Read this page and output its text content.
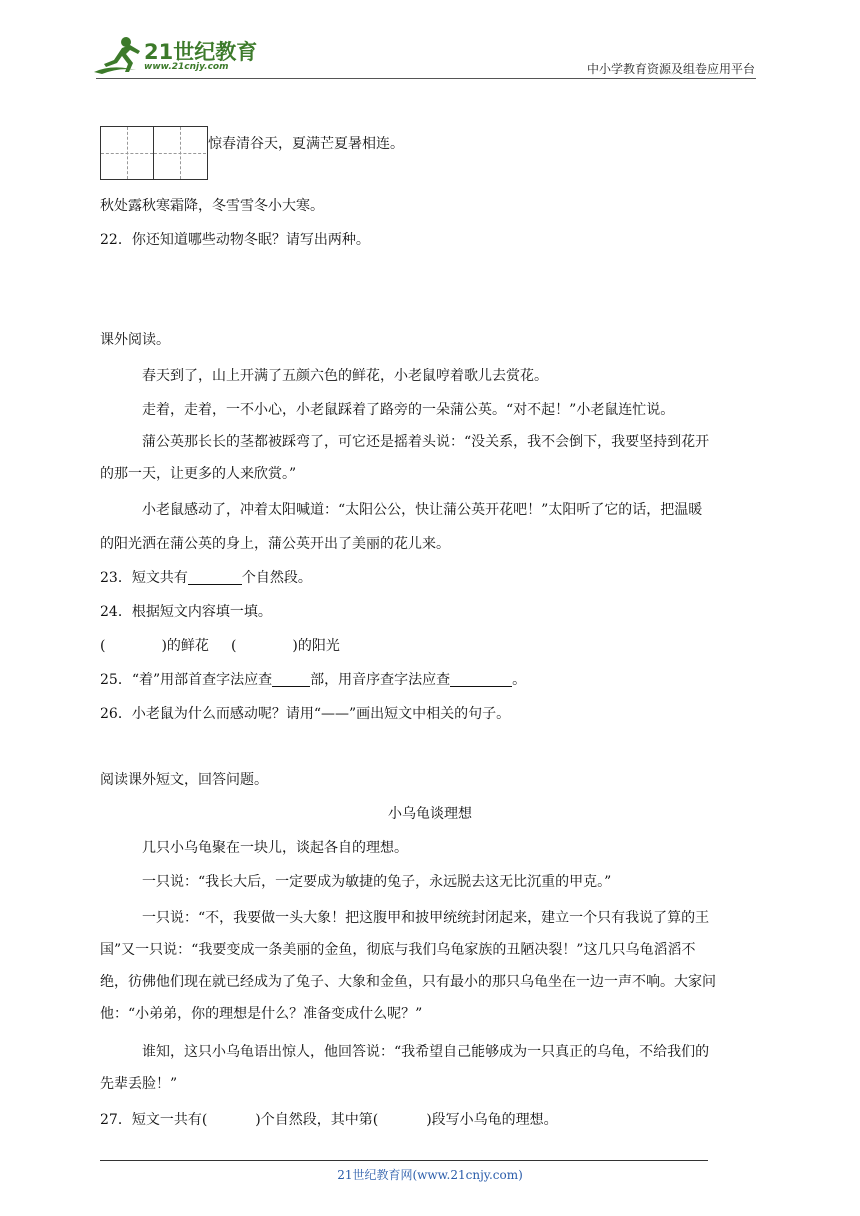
21世纪教育
www.21cnjy.com	中小学教育资源及组卷应用平台
惊春清谷天，夏满芒夏暑相连。
秋处露秋寒霜降，冬雪雪冬小大寒。
22．你还知道哪些动物冬眠？请写出两种。
课外阅读。
春天到了，山上开满了五颜六色的鲜花，小老鼠哼着歌儿去赏花。
走着，走着，一不小心，小老鼠踩着了路旁的一朵蒲公英。“对不起！”小老鼠连忙说。
蒲公英那长长的茎都被踩弯了，可它还是摇着头说：“没关系，我不会倒下，我要坚持到花开
的那一天，让更多的人来欣赏。”
小老鼠感动了，冲着太阳喊道：“太阳公公，快让蒲公英开花吧！”太阳听了它的话，把温暖
的阳光洒在蒲公英的身上，蒲公英开出了美丽的花儿来。
23．短文共有	个自然段。
24．根据短文内容填一填。
(	)的鲜花 (	)的阳光
25．“着”用部首查字法应查	部，用音序查字法应查	。
26．小老鼠为什么而感动呢？请用“——”画出短文中相关的句子。
阅读课外短文，回答问题。
小乌龟谈理想
几只小乌龟聚在一块儿，谈起各自的理想。
一只说：“我长大后，一定要成为敏捷的兔子，永远脱去这无比沉重的甲克。”
一只说：“不，我要做一头大象！把这腹甲和披甲统统封闭起来，建立一个只有我说了算的王
国”又一只说：“我要变成一条美丽的金鱼，彻底与我们乌龟家族的丑陋决裂！”这几只乌龟滔滔不
绝，彷佛他们现在就已经成为了兔子、大象和金鱼，只有最小的那只乌龟坐在一边一声不响。大家问
他：“小弟弟，你的理想是什么？准备变成什么呢？”
谁知，这只小乌龟语出惊人，他回答说：“我希望自己能够成为一只真正的乌龟，不给我们的
先辈丢脸！”
27．短文一共有(	)个自然段，其中第(	)段写小乌龟的理想。
21世纪教育网(www.21cnjy.com)
